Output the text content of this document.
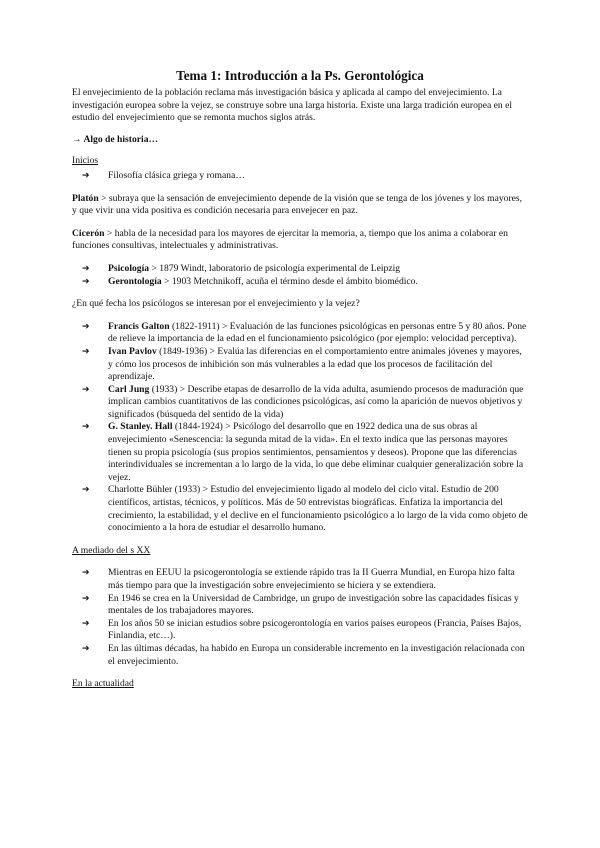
Tema 1: Introducción a la Ps. Gerontológica

El envejecimiento de la población reclama más investigación básica y aplicada al campo del envejecimiento. La investigación europea sobre la vejez, se construye sobre una larga historia. Existe una larga tradición europea en el estudio del envejecimiento que se remonta muchos siglos atrás.

→ Algo de historia…

Inicios

➔ Filosofía clásica griega y romana…

Platón > subraya que la sensación de envejecimiento depende de la visión que se tenga de los jóvenes y los mayores, y que vivir una vida positiva es condición necesaria para envejecer en paz.

Cicerón > habla de la necesidad para los mayores de ejercitar la memoria, a, tiempo que los anima a colaborar en funciones consultivas, intelectuales y administrativas.

➔ Psicología > 1879 Windt, laboratorio de psicología experimental de Leipzig
➔ Gerontología > 1903 Metchnikoff, acuña el término desde el ámbito biomédico.

¿En qué fecha los psicólogos se interesan por el envejecimiento y la vejez?

➔ Francis Galton (1822-1911) > Evaluación de las funciones psicológicas en personas entre 5 y 80 años. Pone de relieve la importancia de la edad en el funcionamiento psicológico (por ejemplo: velocidad perceptiva).
➔ Ivan Pavlov (1849-1936) > Evalúa las diferencias en el comportamiento entre animales jóvenes y mayores, y cómo los procesos de inhibición son más vulnerables a la edad que los procesos de facilitación del aprendizaje.
➔ Carl Jung (1933) > Describe etapas de desarrollo de la vida adulta, asumiendo procesos de maduración que implican cambios cuantitativos de las condiciones psicológicas, así como la aparición de nuevos objetivos y significados (búsqueda del sentido de la vida)
➔ G. Stanley. Hall (1844-1924) > Psicólogo del desarrollo que en 1922 dedica una de sus obras al envejecimiento «Senescencia: la segunda mitad de la vida». En el texto indica que las personas mayores tienen su propia psicología (sus propios sentimientos, pensamientos y deseos). Propone que las diferencias interindividuales se incrementan a lo largo de la vida, lo que debe eliminar cualquier generalización sobre la vejez.
➔ Charlotte Bühler (1933) > Estudio del envejecimiento ligado al modelo del ciclo vital. Estudio de 200 científicos, artistas, técnicos, y políticos. Más de 50 entrevistas biográficas. Enfatiza la importancia del crecimiento, la estabilidad, y el declive en el funcionamiento psicológico a lo largo de la vida como objeto de conocimiento a la hora de estudiar el desarrollo humano.

A mediado del s XX

➔ Mientras en EEUU la psicogerontología se extiende rápido tras la II Guerra Mundial, en Europa hizo falta más tiempo para que la investigación sobre envejecimiento se hiciera y se extendiera.
➔ En 1946 se crea en la Universidad de Cambridge, un grupo de investigación sobre las capacidades físicas y mentales de los trabajadores mayores.
➔ En los años 50 se inician estudios sobre psicogerontología en varios países europeos (Francia, Países Bajos, Finlandia, etc…).
➔ En las últimas décadas, ha habido en Europa un considerable incremento en la investigación relacionada con el envejecimiento.

En la actualidad
